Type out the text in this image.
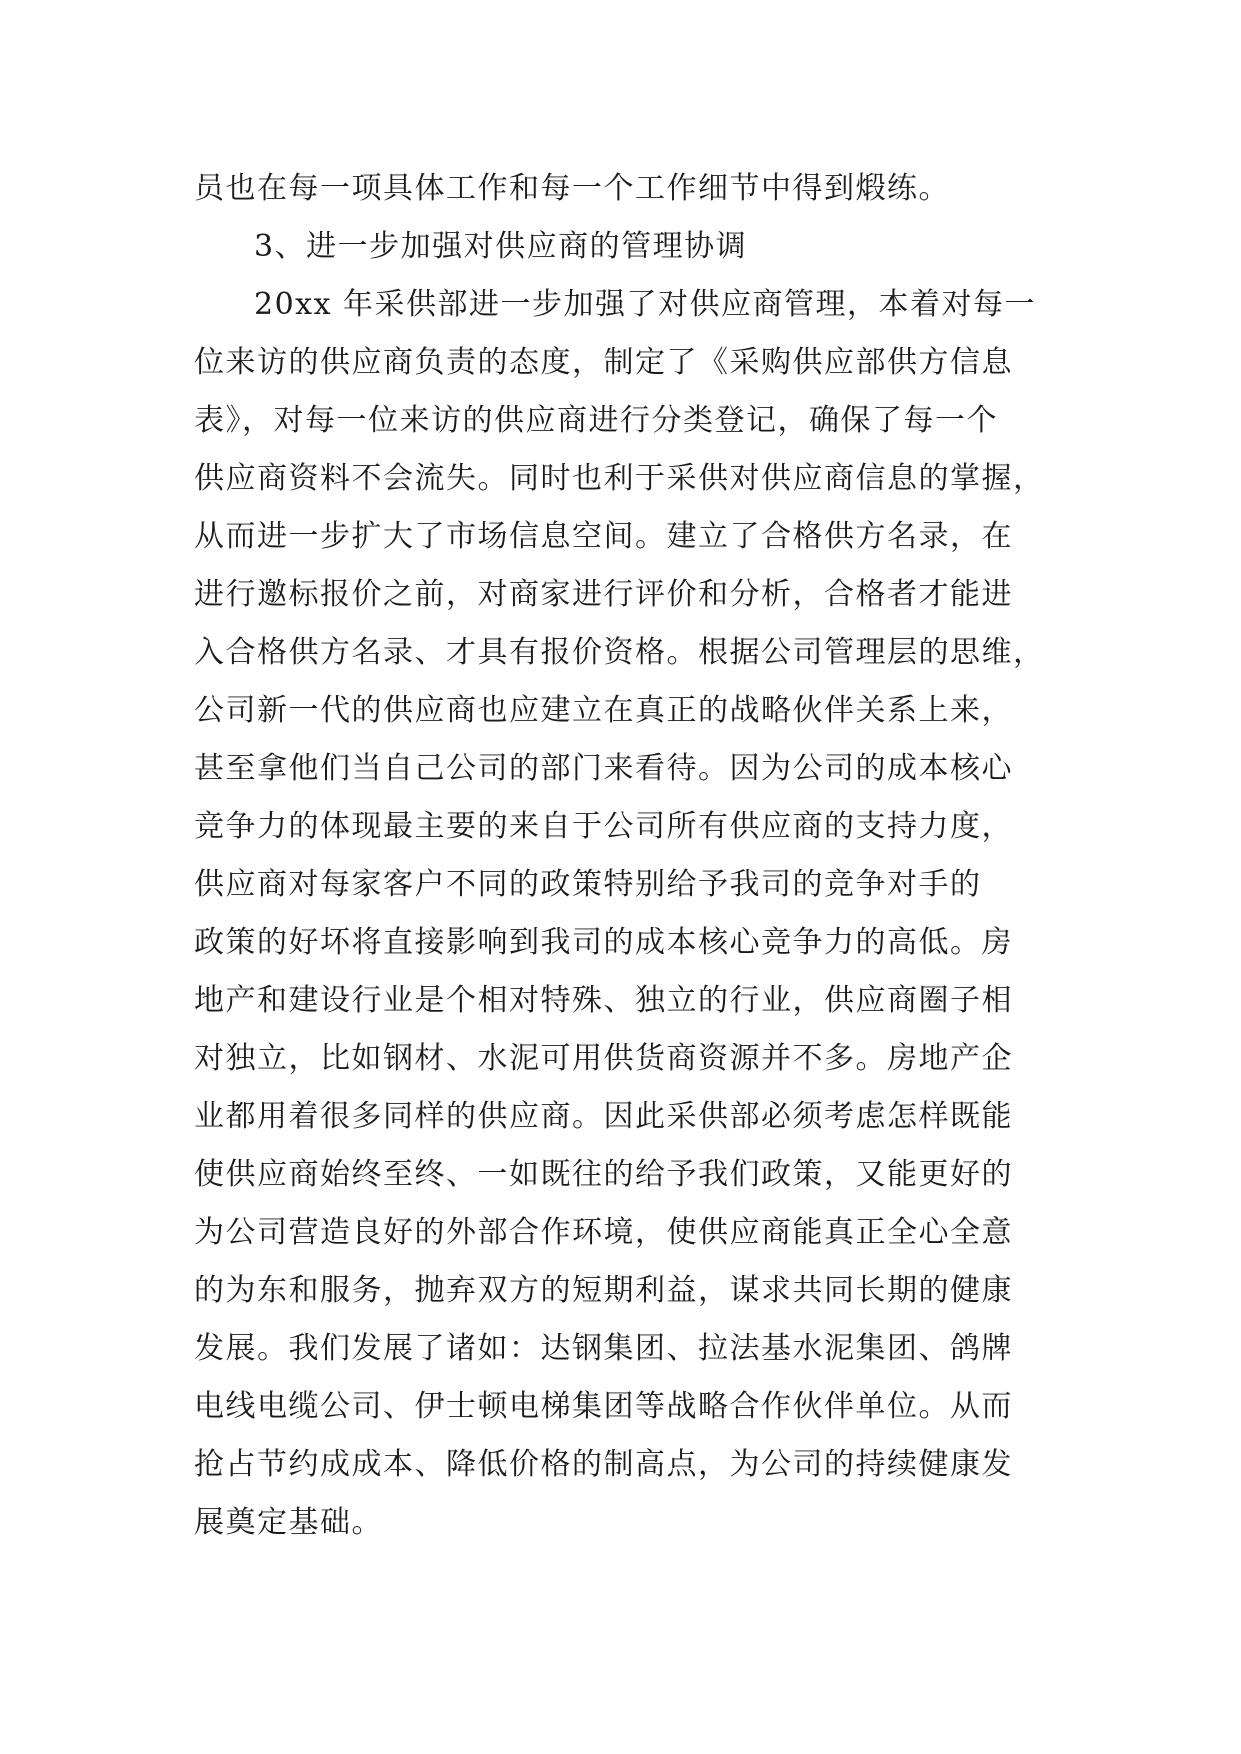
员也在每一项具体工作和每一个工作细节中得到煅练。
3、进一步加强对供应商的管理协调
20xx 年采供部进一步加强了对供应商管理，本着对每一
位来访的供应商负责的态度，制定了《采购供应部供方信息
表》，对每一位来访的供应商进行分类登记，确保了每一个
供应商资料不会流失。同时也利于采供对供应商信息的掌握，
从而进一步扩大了市场信息空间。建立了合格供方名录，在
进行邀标报价之前，对商家进行评价和分析，合格者才能进
入合格供方名录、才具有报价资格。根据公司管理层的思维，
公司新一代的供应商也应建立在真正的战略伙伴关系上来，
甚至拿他们当自己公司的部门来看待。因为公司的成本核心
竞争力的体现最主要的来自于公司所有供应商的支持力度，
供应商对每家客户不同的政策特别给予我司的竞争对手的
政策的好坏将直接影响到我司的成本核心竞争力的高低。房
地产和建设行业是个相对特殊、独立的行业，供应商圈子相
对独立，比如钢材、水泥可用供货商资源并不多。房地产企
业都用着很多同样的供应商。因此采供部必须考虑怎样既能
使供应商始终至终、一如既往的给予我们政策，又能更好的
为公司营造良好的外部合作环境，使供应商能真正全心全意
的为东和服务，抛弃双方的短期利益，谋求共同长期的健康
发展。我们发展了诸如：达钢集团、拉法基水泥集团、鸽牌
电线电缆公司、伊士顿电梯集团等战略合作伙伴单位。从而
抢占节约成成本、降低价格的制高点，为公司的持续健康发
展奠定基础。
